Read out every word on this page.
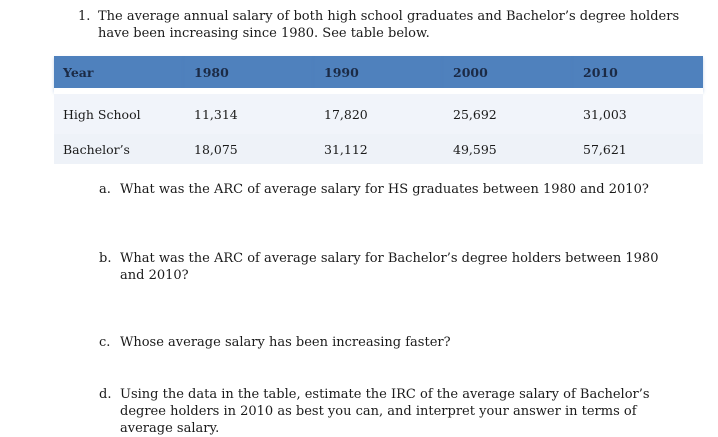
1. The average annual salary of both high school graduates and Bachelor’s degree holders have been increasing since 1980. See table below.
Year	1980	1990	2000	2010
High School	11,314	17,820	25,692	31,003
Bachelor’s	18,075	31,112	49,595	57,621
a. What was the ARC of average salary for HS graduates between 1980 and 2010?
b. What was the ARC of average salary for Bachelor’s degree holders between 1980 and 2010?
c. Whose average salary has been increasing faster?
d. Using the data in the table, estimate the IRC of the average salary of Bachelor’s degree holders in 2010 as best you can, and interpret your answer in terms of average salary.
